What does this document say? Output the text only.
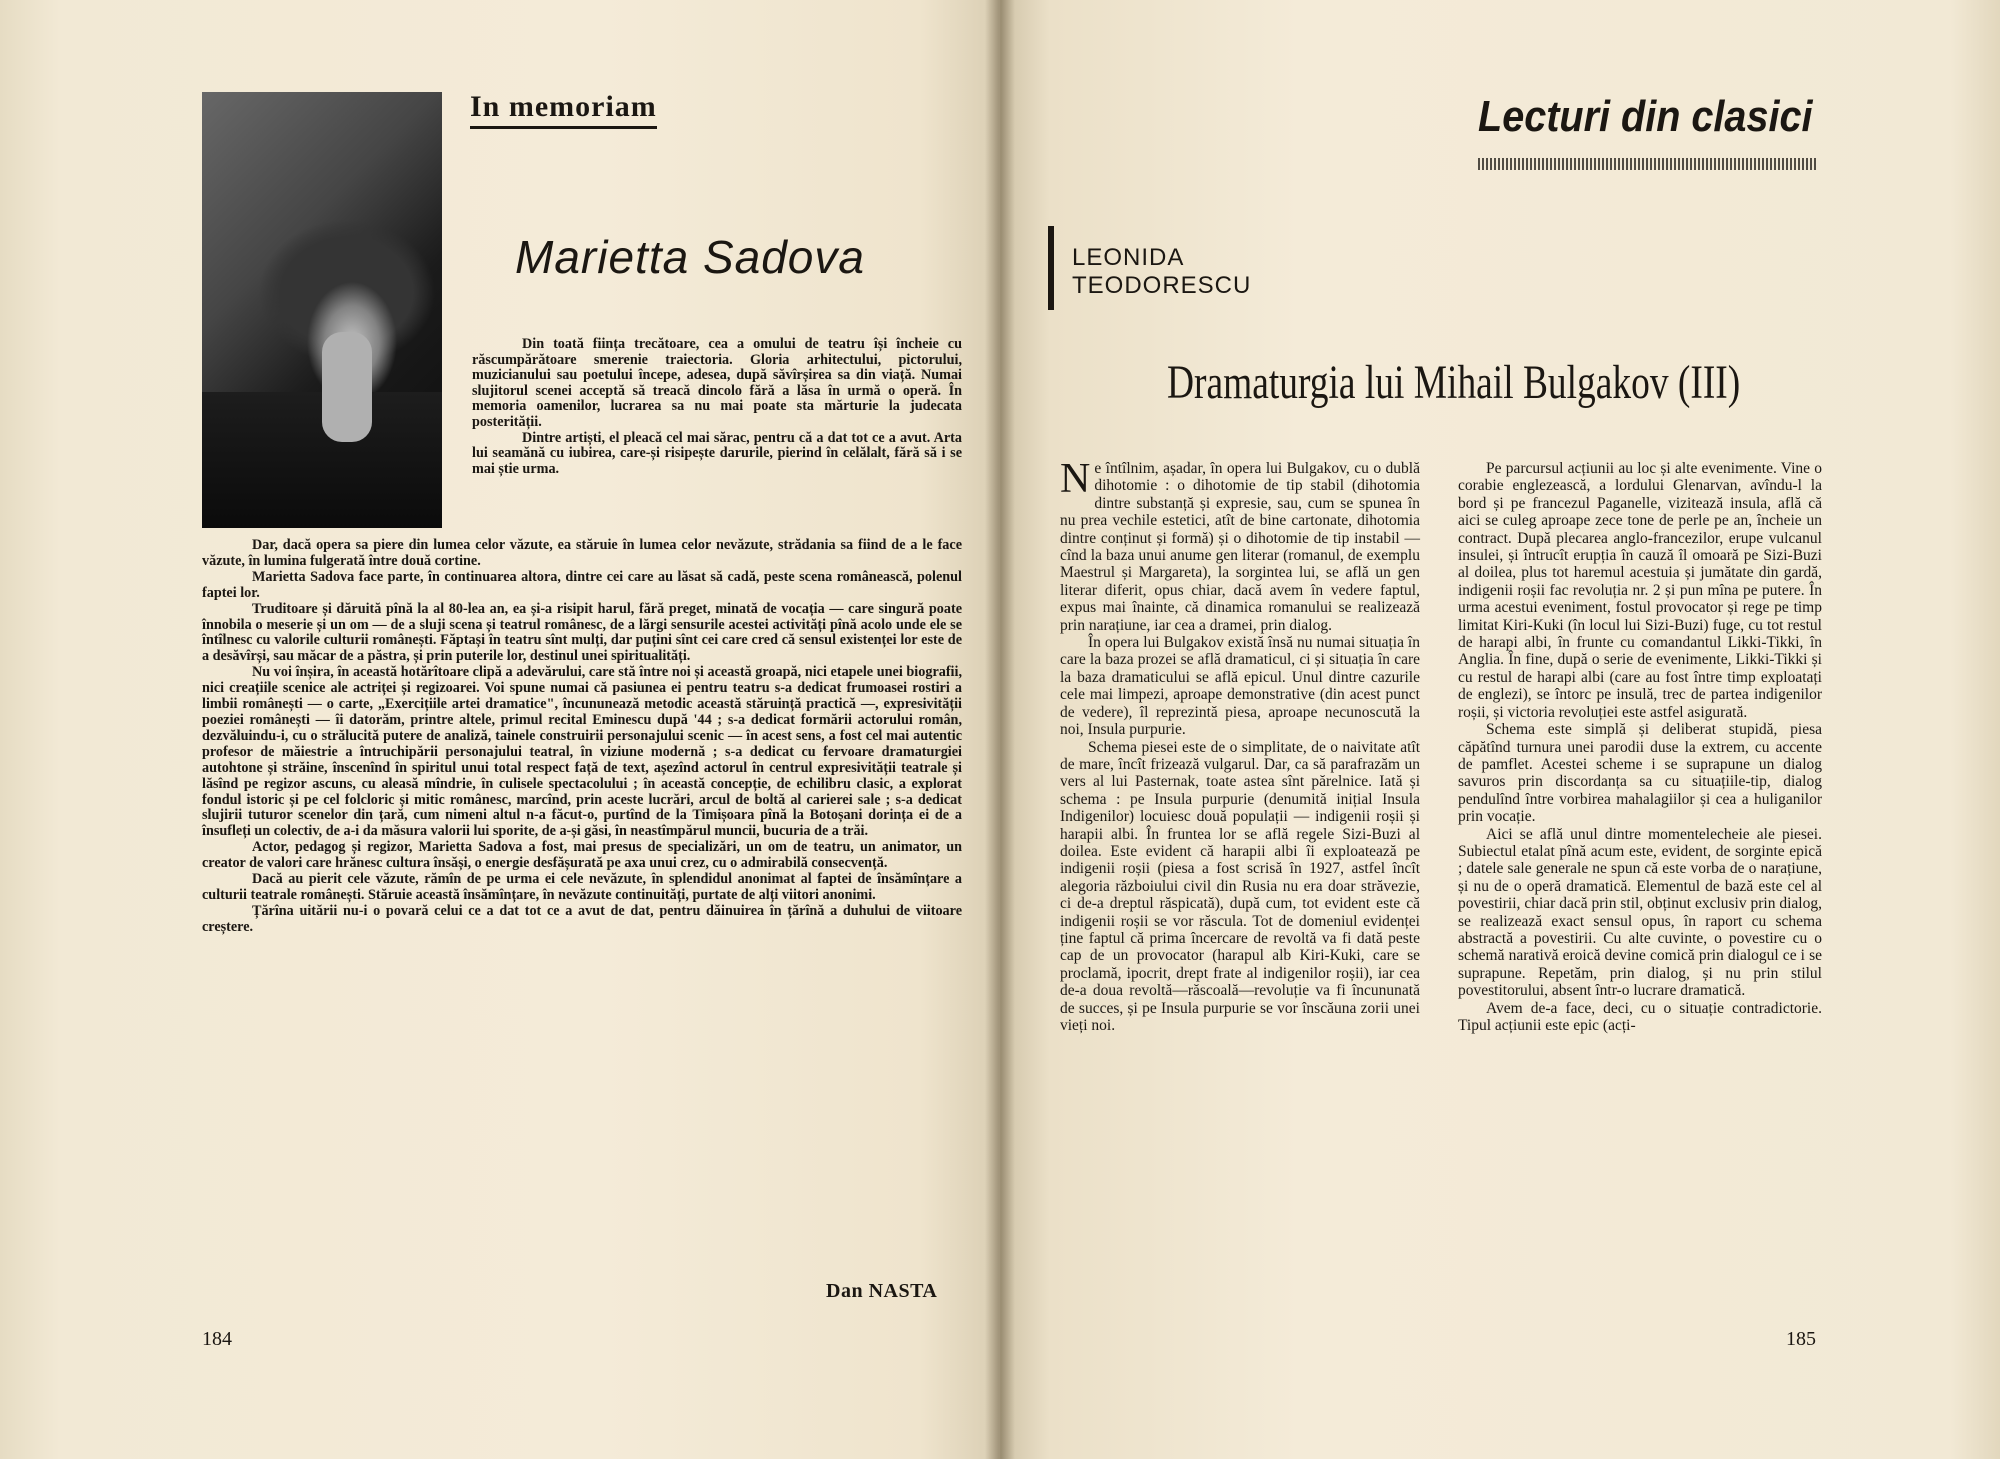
In memoriam
Marietta Sadova

Din toată ființa trecătoare, cea a omului de teatru își încheie cu răscumpărătoare smerenie traiectoria. Gloria arhitectului, pictorului, muzicianului sau poetului începe, adesea, după săvîrșirea sa din viață. Numai slujitorul scenei acceptă să treacă dincolo fără a lăsa în urmă o operă. În memoria oamenilor, lucrarea sa nu mai poate sta mărturie la judecata posterității.

Dintre artiști, el pleacă cel mai sărac, pentru că a dat tot ce a avut. Arta lui seamănă cu iubirea, care-și risipește darurile, pierind în celălalt, fără să i se mai știe urma.

Dar, dacă opera sa piere din lumea celor văzute, ea stăruie în lumea celor nevăzute, strădania sa fiind de a le face văzute, în lumina fulgerată între două cortine.

Marietta Sadova face parte, în continuarea altora, dintre cei care au lăsat să cadă, peste scena românească, polenul faptei lor.

Truditoare și dăruită pînă la al 80-lea an, ea și-a risipit harul, fără preget, minată de vocația — care singură poate înnobila o meserie și un om — de a sluji scena și teatrul românesc, de a lărgi sensurile acestei activități pînă acolo unde ele se întîlnesc cu valorile culturii românești. Făptași în teatru sînt mulți, dar puțini sînt cei care cred că sensul existenței lor este de a desăvîrși, sau măcar de a păstra, și prin puterile lor, destinul unei spiritualități.

Nu voi înșira, în această hotărîtoare clipă a adevărului, care stă între noi și această groapă, nici etapele unei biografii, nici creațiile scenice ale actriței și regizoarei. Voi spune numai că pasiunea ei pentru teatru s-a dedicat frumoasei rostiri a limbii românești — o carte, „Exercițiile artei dramatice", încununează metodic această stăruință practică —, expresivității poeziei românești — îi datorăm, printre altele, primul recital Eminescu după '44 ; s-a dedicat formării actorului român, dezvăluindu-i, cu o strălucită putere de analiză, tainele construirii personajului scenic — în acest sens, a fost cel mai autentic profesor de măiestrie a întruchipării personajului teatral, în viziune modernă ; s-a dedicat cu fervoare dramaturgiei autohtone și străine, înscenînd în spiritul unui total respect față de text, așezînd actorul în centrul expresivității teatrale și lăsînd pe regizor ascuns, cu aleasă mîndrie, în culisele spectacolului ; în această concepție, de echilibru clasic, a explorat fondul istoric și pe cel folcloric și mitic românesc, marcînd, prin aceste lucrări, arcul de boltă al carierei sale ; s-a dedicat slujirii tuturor scenelor din țară, cum nimeni altul n-a făcut-o, purtînd de la Timișoara pînă la Botoșani dorința ei de a însufleți un colectiv, de a-i da măsura valorii lui sporite, de a-și găsi, în neastîmpărul muncii, bucuria de a trăi.

Actor, pedagog și regizor, Marietta Sadova a fost, mai presus de specializări, un om de teatru, un animator, un creator de valori care hrănesc cultura însăși, o energie desfășurată pe axa unui crez, cu o admirabilă consecvență.

Dacă au pierit cele văzute, rămîn de pe urma ei cele nevăzute, în splendidul anonimat al faptei de însămînțare a culturii teatrale românești. Stăruie această însămînțare, în nevăzute continuități, purtate de alți viitori anonimi.

Țărîna uitării nu-i o povară celui ce a dat tot ce a avut de dat, pentru dăinuirea în țărînă a duhului de viitoare creștere.

Dan NASTA
184
Lecturi din clasici
LEONIDA
TEODORESCU
Dramaturgia lui Mihail Bulgakov (III)

Ne întîlnim, așadar, în opera lui Bulgakov, cu o dublă dihotomie : o dihotomie de tip stabil (dihotomia dintre substanță și expresie, sau, cum se spunea în nu prea vechile estetici, atît de bine cartonate, dihotomia dintre conținut și formă) și o dihotomie de tip instabil — cînd la baza unui anume gen literar (romanul, de exemplu Maestrul și Margareta), la sorgintea lui, se află un gen literar diferit, opus chiar, dacă avem în vedere faptul, expus mai înainte, că dinamica romanului se realizează prin narațiune, iar cea a dramei, prin dialog.

În opera lui Bulgakov există însă nu numai situația în care la baza prozei se află dramaticul, ci și situația în care la baza dramaticului se află epicul. Unul dintre cazurile cele mai limpezi, aproape demonstrative (din acest punct de vedere), îl reprezintă piesa, aproape necunoscută la noi, Insula purpurie.

Schema piesei este de o simplitate, de o naivitate atît de mare, încît frizează vulgarul. Dar, ca să parafrazăm un vers al lui Pasternak, toate astea sînt părelnice. Iată și schema : pe Insula purpurie (denumită inițial Insula Indigenilor) locuiesc două populații — indigenii roșii și harapii albi. În fruntea lor se află regele Sizi-Buzi al doilea. Este evident că harapii albi îi exploatează pe indigenii roșii (piesa a fost scrisă în 1927, astfel încît alegoria războiului civil din Rusia nu era doar străvezie, ci de-a dreptul răspicată), după cum, tot evident este că indigenii roșii se vor răscula. Tot de domeniul evidenței ține faptul că prima încercare de revoltă va fi dată peste cap de un provocator (harapul alb Kiri-Kuki, care se proclamă, ipocrit, drept frate al indigenilor roșii), iar cea de-a doua revoltă—răscoală—revoluție va fi încununată de succes, și pe Insula purpurie se vor înscăuna zorii unei vieți noi.

Pe parcursul acțiunii au loc și alte evenimente. Vine o corabie englezească, a lordului Glenarvan, avîndu-l la bord și pe francezul Paganelle, vizitează insula, află că aici se culeg aproape zece tone de perle pe an, încheie un contract. După plecarea anglo-francezilor, erupe vulcanul insulei, și întrucît erupția în cauză îl omoară pe Sizi-Buzi al doilea, plus tot haremul acestuia și jumătate din gardă, indigenii roșii fac revoluția nr. 2 și pun mîna pe putere. În urma acestui eveniment, fostul provocator și rege pe timp limitat Kiri-Kuki (în locul lui Sizi-Buzi) fuge, cu tot restul de harapi albi, în frunte cu comandantul Likki-Tikki, în Anglia. În fine, după o serie de evenimente, Likki-Tikki și cu restul de harapi albi (care au fost între timp exploatați de englezi), se întorc pe insulă, trec de partea indigenilor roșii, și victoria revoluției este astfel asigurată.

Schema este simplă și deliberat stupidă, piesa căpătînd turnura unei parodii duse la extrem, cu accente de pamflet. Acestei scheme i se suprapune un dialog savuros prin discordanța sa cu situațiile-tip, dialog pendulînd între vorbirea mahalagiilor și cea a huliganilor prin vocație.

Aici se află unul dintre momentelecheie ale piesei. Subiectul etalat pînă acum este, evident, de sorginte epică ; datele sale generale ne spun că este vorba de o narațiune, și nu de o operă dramatică. Elementul de bază este cel al povestirii, chiar dacă prin stil, obținut exclusiv prin dialog, se realizează exact sensul opus, în raport cu schema abstractă a povestirii. Cu alte cuvinte, o povestire cu o schemă narativă eroică devine comică prin dialogul ce i se suprapune. Repetăm, prin dialog, și nu prin stilul povestitorului, absent într-o lucrare dramatică.

Avem de-a face, deci, cu o situație contradictorie. Tipul acțiunii este epic (acți-

185
